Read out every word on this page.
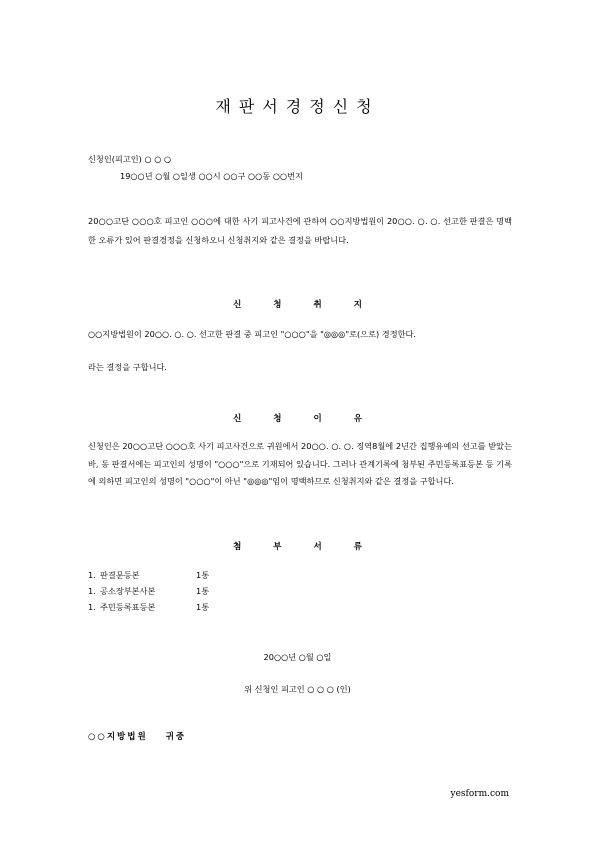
재판서경정신청
신청인(피고인) ○ ○ ○
19○○년 ○월 ○일생 ○○시 ○○구 ○○동 ○○번지
20○○고단 ○○○호 피고인 ○○○에 대한 사기 피고사건에 관하여 ○○지방법원이 20○○. ○. ○. 선고한 판결은 명백한 오류가 있어 판결경정을 신청하오니 신청취지와 같은 결정을 바랍니다.
신	청	취	지
○○지방법원이 20○○. ○. ○. 선고한 판결 중 피고인 "○○○"을 "◎◎◎"로(으로) 경정한다.
라는 결정을 구합니다.
신	청	이	유
신청인은 20○○고단 ○○○호 사기 피고사건으로 귀원에서 20○○. ○. ○. 징역8월에 2년간 집행유예의 선고를 받았는바, 동 판결서에는 피고인의 성명이 "○○○"으로 기재되어 있습니다. 그러나 관계기록에 첨부된 주민등록표등본 등 기록에 의하면 피고인의 성명이 "○○○"이 아닌 "◎◎◎"임이 명백하므로 신청취지와 같은 결정을 구합니다.
첨	부	서	류
1. 판결문등본	1통
1. 공소장부본사본	1통
1. 주민등록표등본	1통
20○○년 ○월 ○일
위 신청인 피고인 ○ ○ ○ (인)
○○지방법원 귀중
yesform.com
